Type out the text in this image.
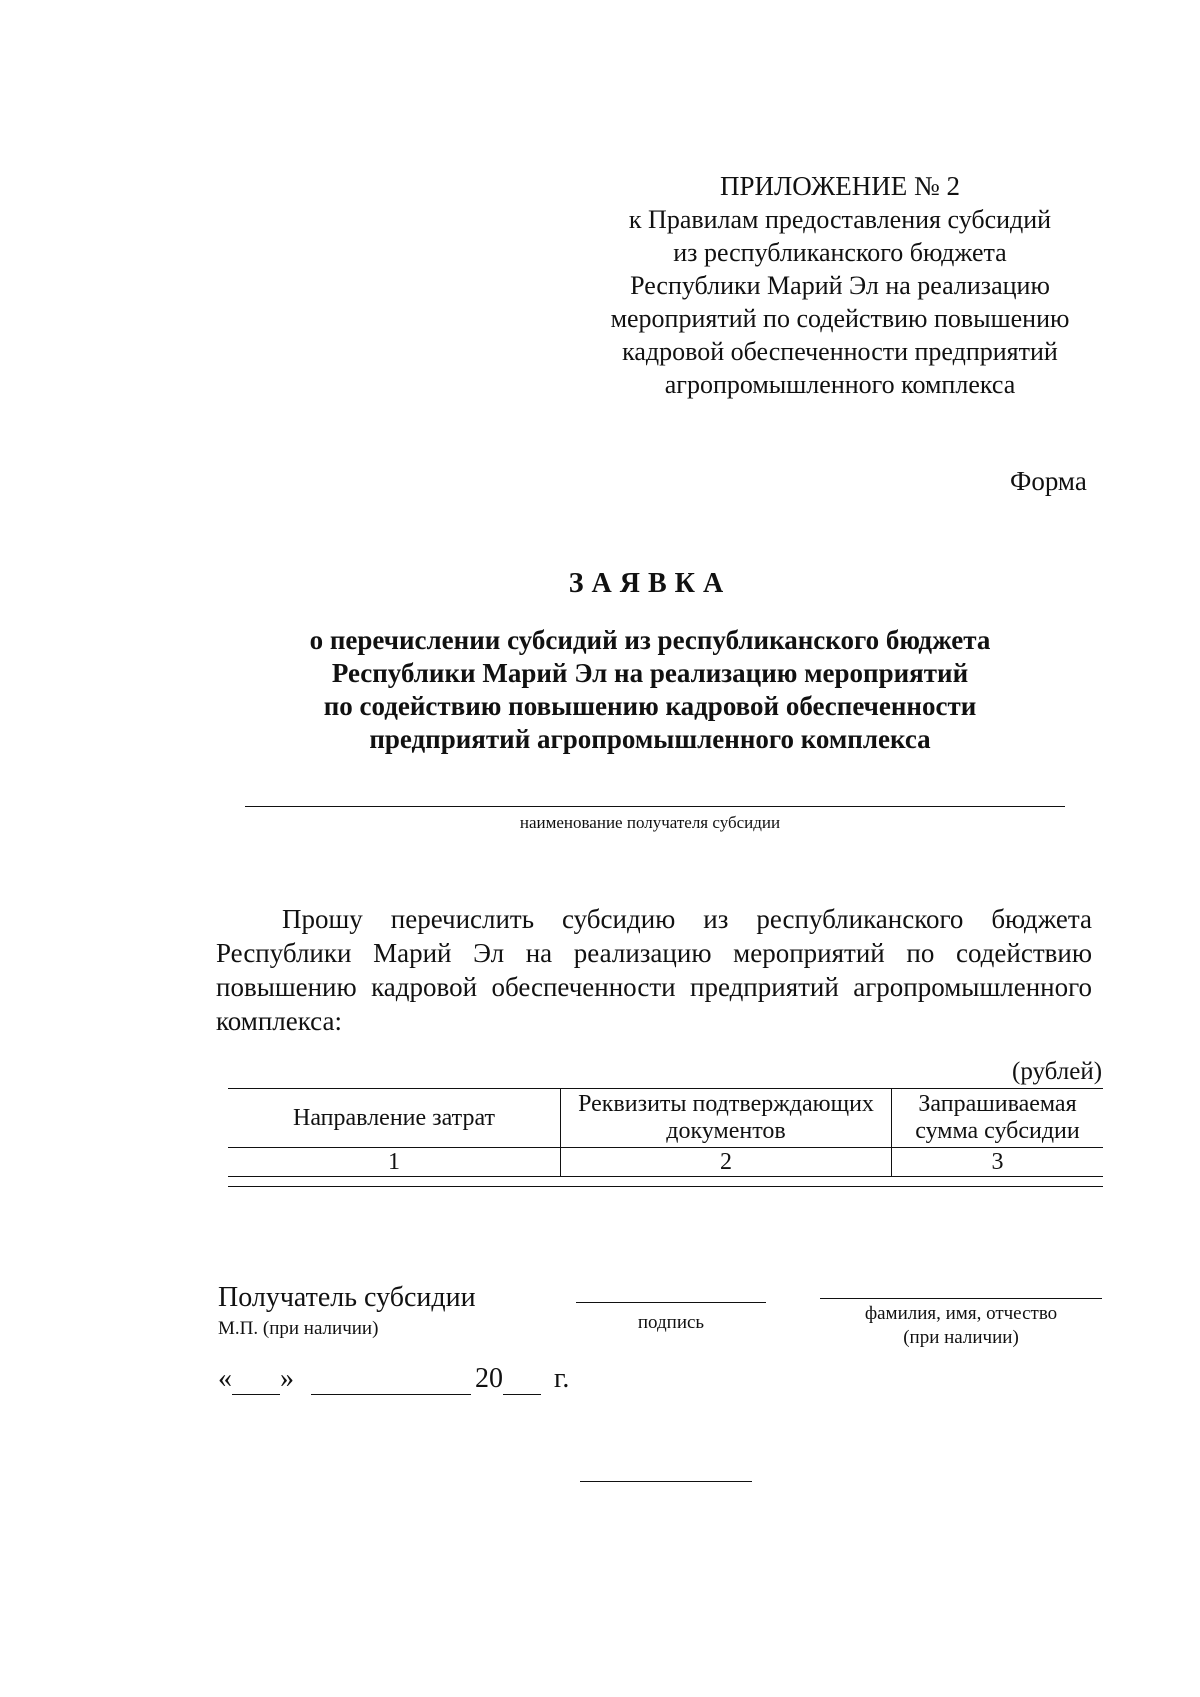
ПРИЛОЖЕНИЕ № 2
к Правилам предоставления субсидий
из республиканского бюджета
Республики Марий Эл на реализацию
мероприятий по содействию повышению
кадровой обеспеченности предприятий
агропромышленного комплекса
Форма
ЗАЯВКА
о перечислении субсидий из республиканского бюджета
Республики Марий Эл на реализацию мероприятий
по содействию повышению кадровой обеспеченности
предприятий агропромышленного комплекса
наименование получателя субсидии

Прошу перечислить субсидию из республиканского бюджета Республики Марий Эл на реализацию мероприятий по содействию повышению кадровой обеспеченности предприятий агропромышленного комплекса:

(рублей)
Направление затрат	Реквизиты подтверждающих документов	Запрашиваемая сумма субсидии
1	2	3
Получатель субсидии
М.П. (при наличии)	подпись	фамилия, имя, отчество
(при наличии)
« »	20 г.
